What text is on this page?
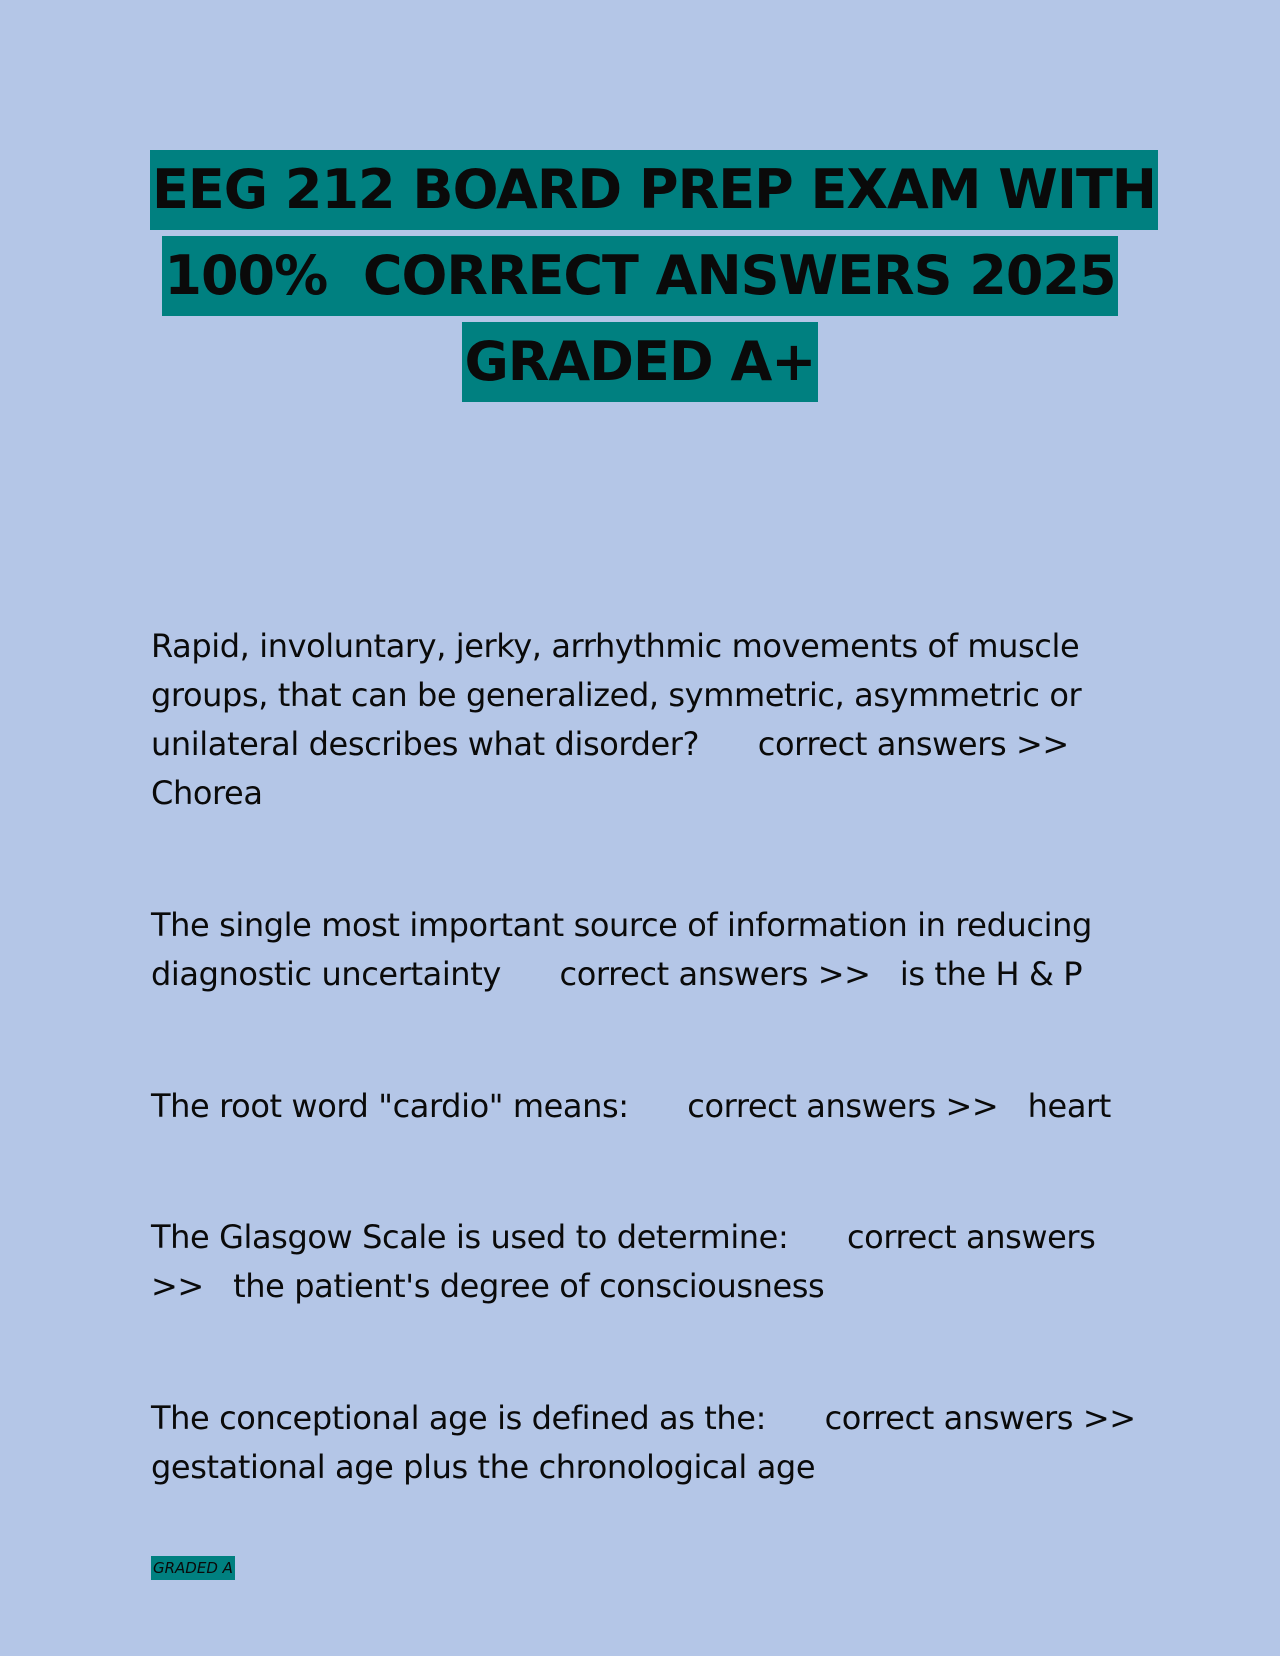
EEG 212 BOARD PREP EXAM WITH
100%  CORRECT ANSWERS 2025
GRADED A+
Rapid, involuntary, jerky, arrhythmic movements of muscle groups, that can be generalized, symmetric, asymmetric or unilateral describes what disorder?      correct answers >>   Chorea
The single most important source of information in reducing diagnostic uncertainty      correct answers >>   is the H & P
The root word "cardio" means:      correct answers >>   heart
The Glasgow Scale is used to determine:      correct answers >>   the patient's degree of consciousness
The conceptional age is defined as the:      correct answers >>   gestational age plus the chronological age
GRADED A
